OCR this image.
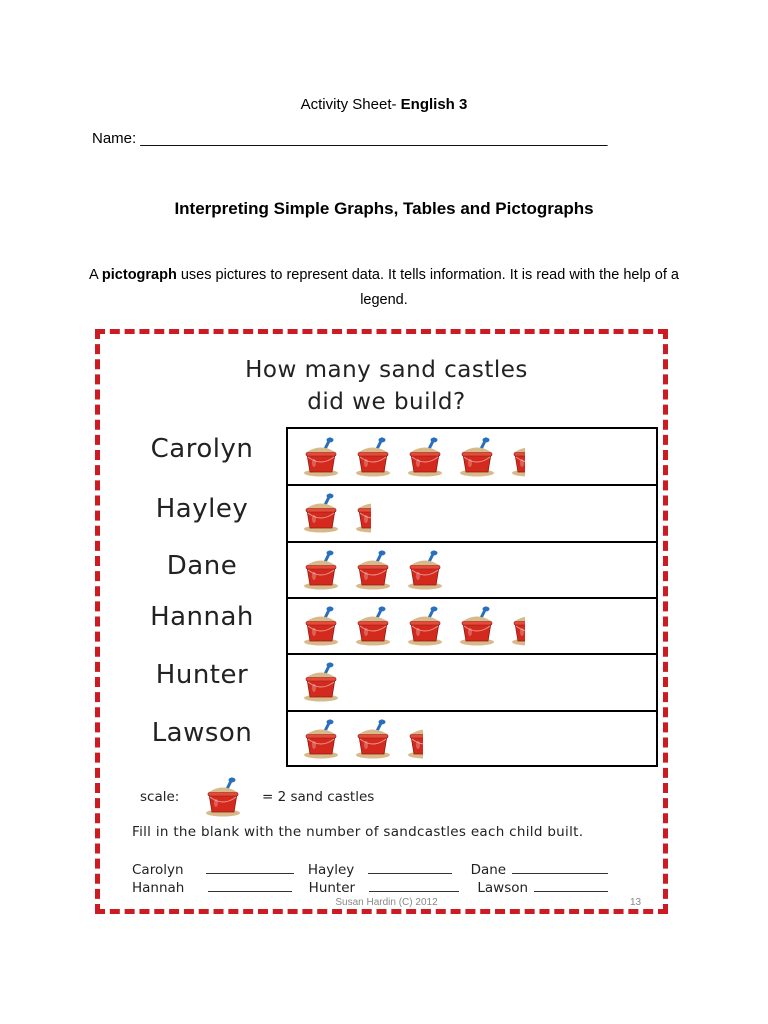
Activity Sheet- English 3
Name: ________________________________________________________
Interpreting Simple Graphs, Tables and Pictographs
A pictograph uses pictures to represent data. It tells information. It is read with the help of a legend.
How many sand castles
did we build?
Carolyn
Hayley
Dane
Hannah
Hunter
Lawson
scale:	= 2 sand castles
Fill in the blank with the number of sandcastles each child built.
Carolyn	Hayley	Dane
Hannah	Hunter	Lawson
Susan Hardin (C) 2012	13
